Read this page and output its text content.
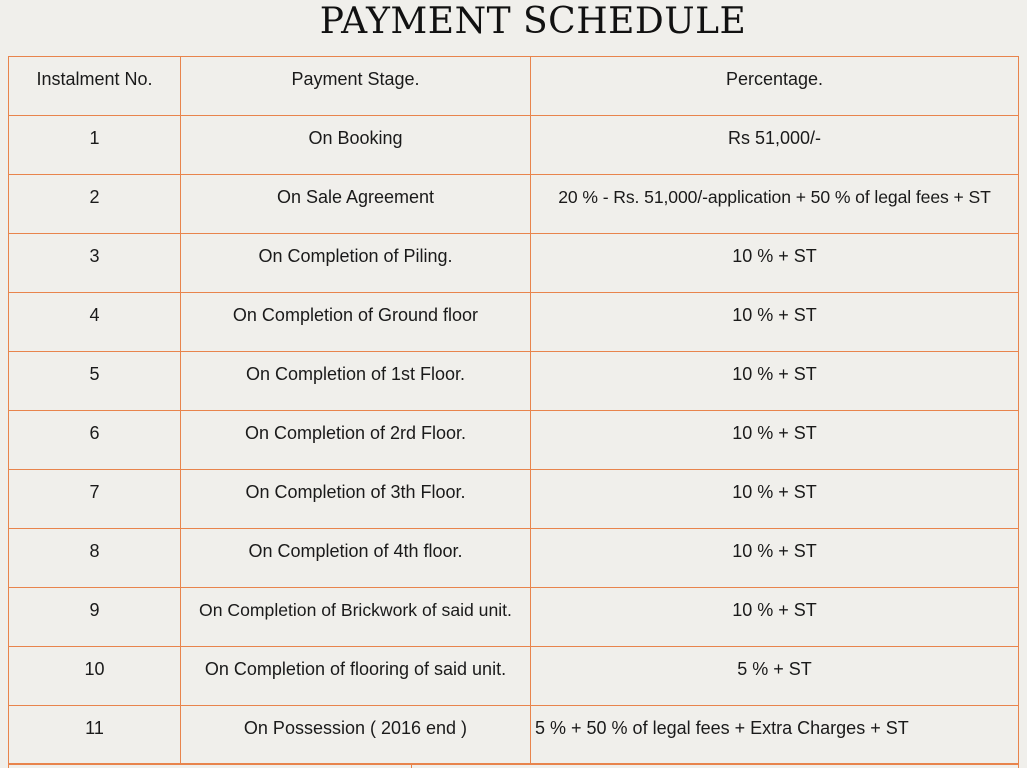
PAYMENT SCHEDULE
Instalment No.	Payment Stage.	Percentage.

1	On Booking	Rs 51,000/-

2	On Sale Agreement	20 % - Rs. 51,000/-application + 50 % of legal fees + ST

3	On Completion of Piling.	10 % + ST

4	On Completion of Ground floor	10 % + ST

5	On Completion of 1st Floor.	10 % + ST

6	On Completion of 2rd Floor.	10 % + ST

7	On Completion of 3th Floor.	10 % + ST

8	On Completion of 4th floor.	10 % + ST

9	On Completion of Brickwork of said unit.	10 % + ST

10	On Completion of flooring of said unit.	5 % + ST

11	On Possession ( 2016 end )	5 % + 50 % of legal fees + Extra Charges + ST
